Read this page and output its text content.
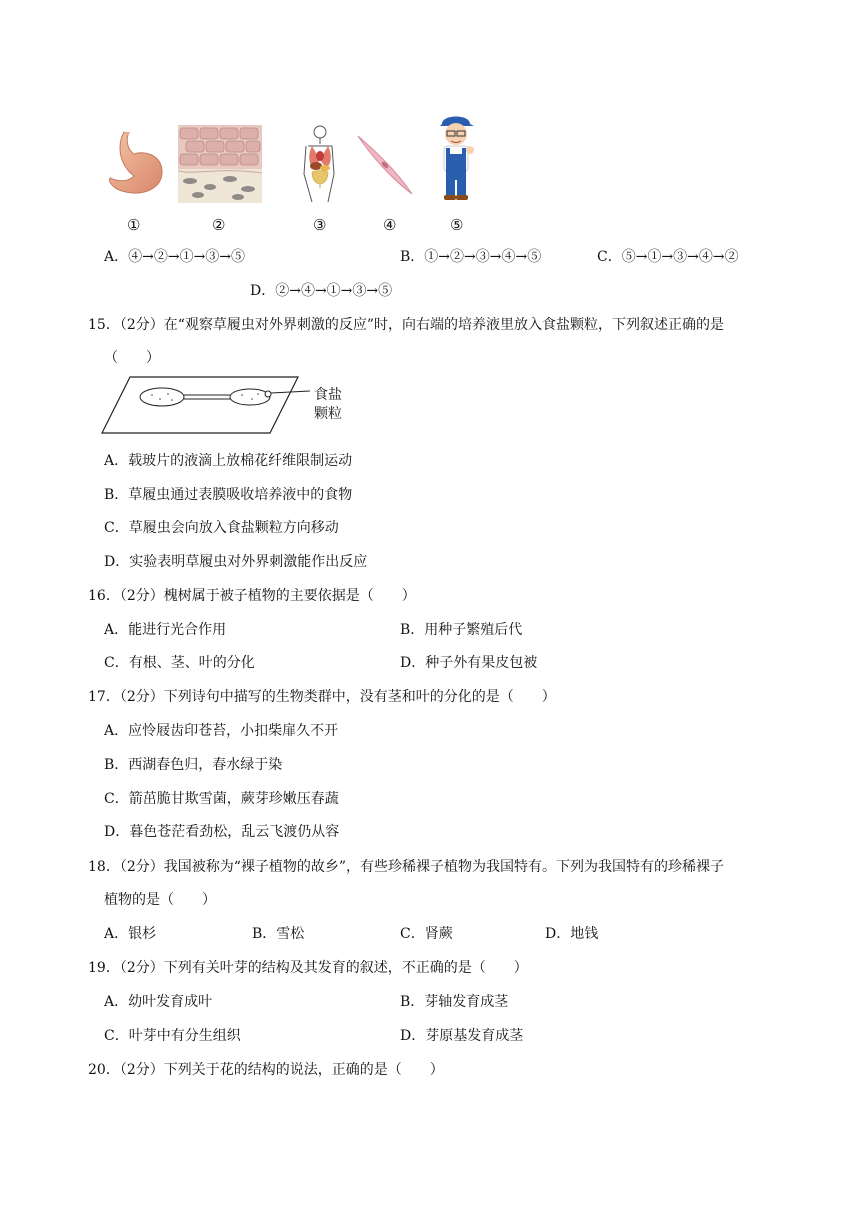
①	②	③	④	⑤
A．④→②→①→③→⑤	B．①→②→③→④→⑤	C．⑤→①→③→④→②
D．②→④→①→③→⑤
15．（2分）在“观察草履虫对外界刺激的反应”时，向右端的培养液里放入食盐颗粒，下列叙述正确的是
（　　）
食盐
颗粒
A．载玻片的液滴上放棉花纤维限制运动
B．草履虫通过表膜吸收培养液中的食物
C．草履虫会向放入食盐颗粒方向移动
D．实验表明草履虫对外界刺激能作出反应
16．（2分）槐树属于被子植物的主要依据是（　　）
A．能进行光合作用	B．用种子繁殖后代
C．有根、茎、叶的分化	D．种子外有果皮包被
17．（2分）下列诗句中描写的生物类群中，没有茎和叶的分化的是（　　）
A．应怜屐齿印苍苔，小扣柴扉久不开
B．西湖春色归，春水绿于染
C．箭茁脆甘欺雪菌，蕨芽珍嫩压春蔬
D．暮色苍茫看劲松，乱云飞渡仍从容
18．（2分）我国被称为“裸子植物的故乡”，有些珍稀裸子植物为我国特有。下列为我国特有的珍稀裸子
植物的是（　　）
A．银杉	B．雪松	C．肾蕨	D．地钱
19．（2分）下列有关叶芽的结构及其发育的叙述，不正确的是（　　）
A．幼叶发育成叶	B．芽轴发育成茎
C．叶芽中有分生组织	D．芽原基发育成茎
20．（2分）下列关于花的结构的说法，正确的是（　　）
